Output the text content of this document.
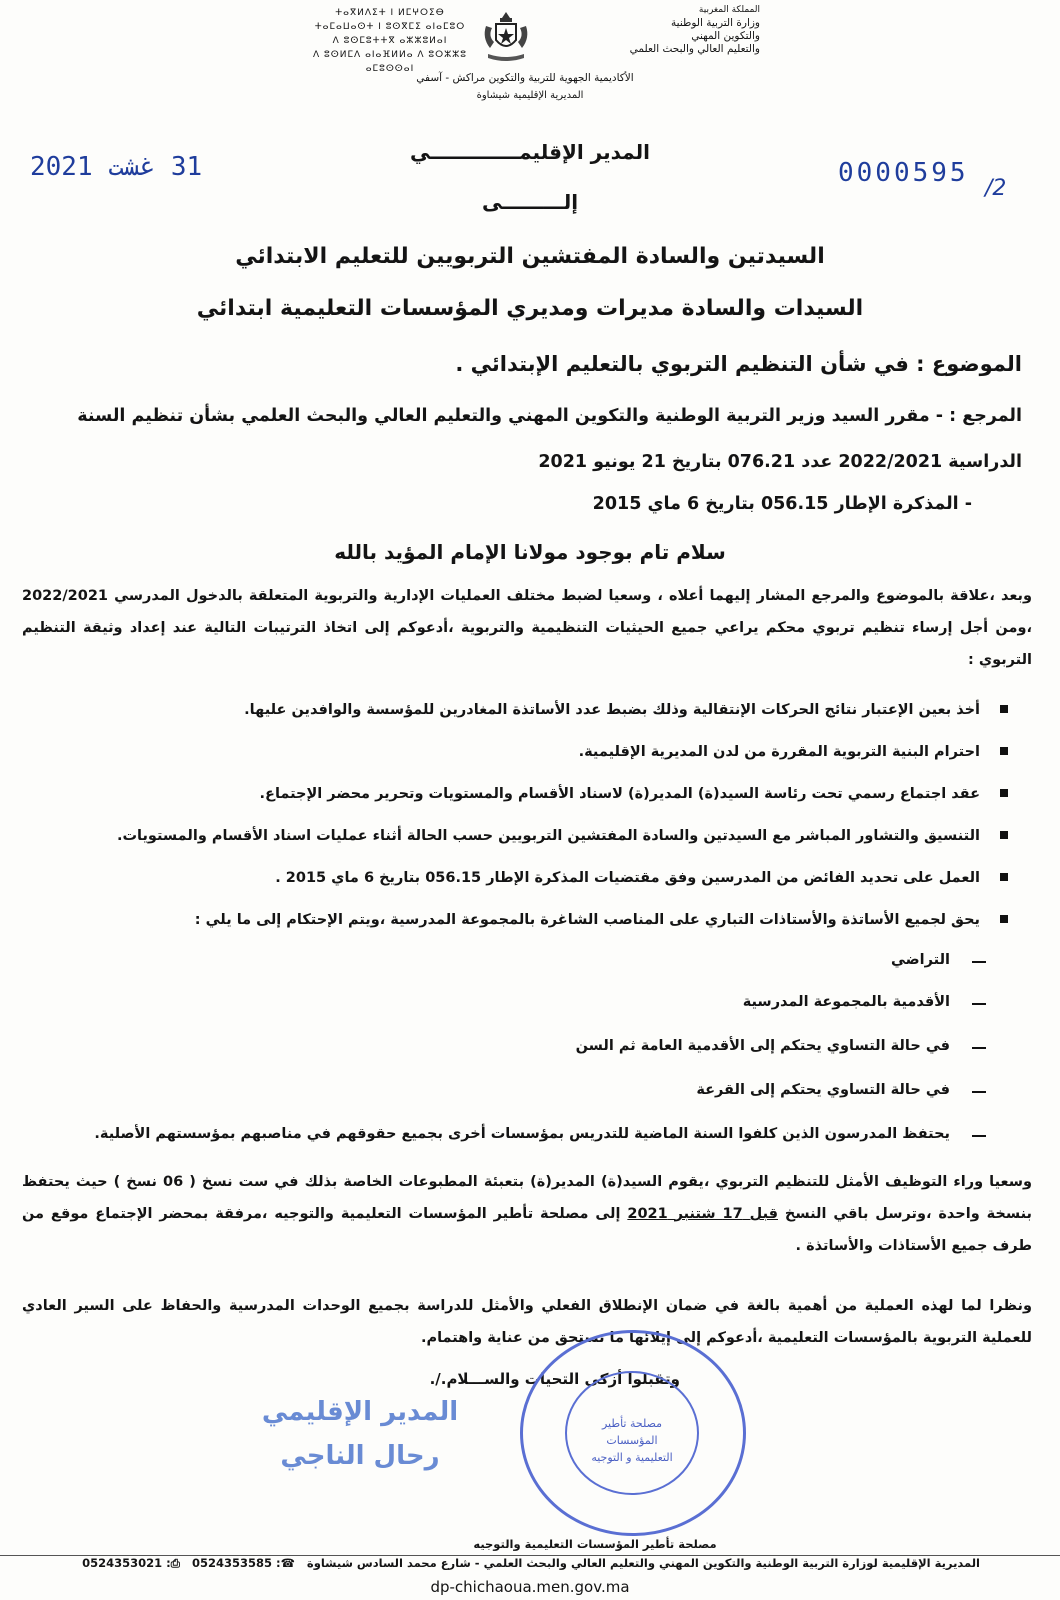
المملكة المغربية
وزارة التربية الوطنية
والتكوين المهني
والتعليم العالي والبحث العلمي
ⵜⴰⴳⵍⴷⵉⵜ ⵏ ⵍⵎⵖⵔⵉⴱ
ⵜⴰⵎⴰⵡⴰⵙⵜ ⵏ ⵓⵙⴳⵎⵉ ⴰⵏⴰⵎⵓⵔ
ⴷ ⵓⵙⵎⵓⵜⵜⴳ ⴰⵣⵣⵓⵍⴰⵏ
ⴷ ⵓⵙⵍⵎⴷ ⴰⵏⴰⴼⵍⵍⴰ ⴷ ⵓⵔⵣⵣⵓ ⴰⵎⵓⵙⵙⴰⵏ
الأكاديمية الجهوية للتربية والتكوين مراكش - آسفي
المديرية الإقليمية شيشاوة
31 غشت 2021	0000595
/2
المدير الإقليمـــــــــــــي
إلـــــــــى
السيدتين والسادة المفتشين التربويين للتعليم الابتدائي
السيدات والسادة مديرات ومديري المؤسسات التعليمية ابتدائي
الموضوع : في شأن التنظيم التربوي بالتعليم الإبتدائي .
المرجع : - مقرر السيد وزير التربية الوطنية والتكوين المهني والتعليم العالي والبحث العلمي بشأن تنظيم السنة
الدراسية 2022/2021 عدد 076.21 بتاريخ 21 يونيو 2021
- المذكرة الإطار 056.15 بتاريخ 6 ماي 2015
سلام تام بوجود مولانا الإمام المؤيد بالله
وبعد ،علاقة بالموضوع والمرجع المشار إليهما أعلاه ، وسعيا لضبط مختلف العمليات الإدارية والتربوية المتعلقة بالدخول المدرسي 2022/2021 ،ومن أجل إرساء تنظيم تربوي محكم يراعي جميع الحيثيات التنظيمية والتربوية ،أدعوكم إلى اتخاذ الترتيبات التالية عند إعداد وثيقة التنظيم التربوي :
أخذ بعين الإعتبار نتائج الحركات الإنتقالية وذلك بضبط عدد الأساتذة المغادرين للمؤسسة والوافدين عليها.
احترام البنية التربوية المقررة من لدن المديرية الإقليمية.
عقد اجتماع رسمي تحت رئاسة السيد(ة) المدير(ة) لاسناد الأقسام والمستويات وتحرير محضر الإجتماع.
التنسيق والتشاور المباشر مع السيدتين والسادة المفتشين التربويين حسب الحالة أثناء عمليات اسناد الأقسام والمستويات.
العمل على تحديد الفائض من المدرسين وفق مقتضيات المذكرة الإطار 056.15 بتاريخ 6 ماي 2015 .
يحق لجميع الأساتذة والأستاذات التباري على المناصب الشاغرة بالمجموعة المدرسية ،ويتم الإحتكام إلى ما يلي :
التراضي
الأقدمية بالمجموعة المدرسية
في حالة التساوي يحتكم إلى الأقدمية العامة ثم السن
في حالة التساوي يحتكم إلى القرعة
يحتفظ المدرسون الذين كلفوا السنة الماضية للتدريس بمؤسسات أخرى بجميع حقوقهم في مناصبهم بمؤسستهم الأصلية.
وسعيا وراء التوظيف الأمثل للتنظيم التربوي ،يقوم السيد(ة) المدير(ة) بتعبئة المطبوعات الخاصة بذلك في ست نسخ ( 06 نسخ ) حيث يحتفظ بنسخة واحدة ،وترسل باقي النسخ قبل 17 شتنبر 2021 إلى مصلحة تأطير المؤسسات التعليمية والتوجيه ،مرفقة بمحضر الإجتماع موقع من طرف جميع الأستاذات والأساتذة .
ونظرا لما لهذه العملية من أهمية بالغة في ضمان الإنطلاق الفعلي والأمثل للدراسة بجميع الوحدات المدرسية والحفاظ على السير العادي للعملية التربوية بالمؤسسات التعليمية ،أدعوكم إلى إيلائها ما تستحق من عناية واهتمام.
وتقبلوا أزكى التحيات والســـلام./.
المدير الإقليمي
رحال الناجي
مصلحة تأطير
المؤسسات
التعليمية و التوجيه
مصلحة تأطير المؤسسات التعليمية والتوجيه
المديرية الإقليمية لوزارة التربية الوطنية والتكوين المهني والتعليم العالي والبحث العلمي - شارع محمد السادس شيشاوة   ☎: 0524353585   ⎙: 0524353021
dp-chichaoua.men.gov.ma
